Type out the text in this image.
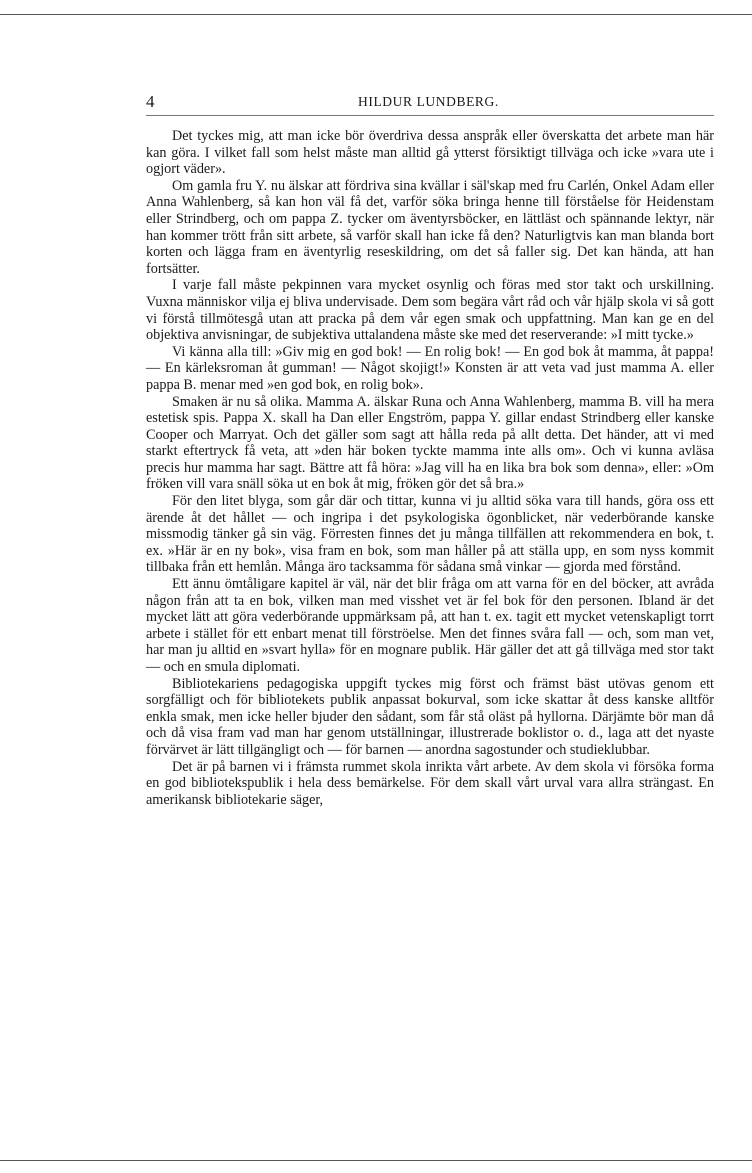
4	HILDUR LUNDBERG.

Det tyckes mig, att man icke bör överdriva dessa anspråk eller överskatta det arbete man här kan göra. I vilket fall som helst måste man alltid gå ytterst försiktigt tillväga och icke »vara ute i ogjort väder».

Om gamla fru Y. nu älskar att fördriva sina kvällar i säl'skap med fru Carlén, Onkel Adam eller Anna Wahlenberg, så kan hon väl få det, varför söka bringa henne till förståelse för Heidenstam eller Strindberg, och om pappa Z. tycker om äventyrsböcker, en lättläst och spännande lektyr, när han kommer trött från sitt arbete, så varför skall han icke få den? Naturligtvis kan man blanda bort korten och lägga fram en äventyrlig reseskildring, om det så faller sig. Det kan hända, att han fortsätter.

I varje fall måste pekpinnen vara mycket osynlig och föras med stor takt och urskillning. Vuxna människor vilja ej bliva undervisade. Dem som begära vårt råd och vår hjälp skola vi så gott vi förstå tillmötesgå utan att pracka på dem vår egen smak och uppfattning. Man kan ge en del objektiva anvisningar, de subjektiva uttalandena måste ske med det reserverande: »I mitt tycke.»

Vi känna alla till: »Giv mig en god bok! — En rolig bok! — En god bok åt mamma, åt pappa! — En kärleksroman åt gumman! — Något skojigt!» Konsten är att veta vad just mamma A. eller pappa B. menar med »en god bok, en rolig bok».

Smaken är nu så olika. Mamma A. älskar Runa och Anna Wahlenberg, mamma B. vill ha mera estetisk spis. Pappa X. skall ha Dan eller Engström, pappa Y. gillar endast Strindberg eller kanske Cooper och Marryat. Och det gäller som sagt att hålla reda på allt detta. Det händer, att vi med starkt eftertryck få veta, att »den här boken tyckte mamma inte alls om». Och vi kunna avläsa precis hur mamma har sagt. Bättre att få höra: »Jag vill ha en lika bra bok som denna», eller: »Om fröken vill vara snäll söka ut en bok åt mig, fröken gör det så bra.»

För den litet blyga, som går där och tittar, kunna vi ju alltid söka vara till hands, göra oss ett ärende åt det hållet — och ingripa i det psykologiska ögonblicket, när vederbörande kanske missmodig tänker gå sin väg. Förresten finnes det ju många tillfällen att rekommendera en bok, t. ex. »Här är en ny bok», visa fram en bok, som man håller på att ställa upp, en som nyss kommit tillbaka från ett hemlån. Många äro tacksamma för sådana små vinkar — gjorda med förstånd.

Ett ännu ömtåligare kapitel är väl, när det blir fråga om att varna för en del böcker, att avråda någon från att ta en bok, vilken man med visshet vet är fel bok för den personen. Ibland är det mycket lätt att göra vederbörande uppmärksam på, att han t. ex. tagit ett mycket vetenskapligt torrt arbete i stället för ett enbart menat till förströelse. Men det finnes svåra fall — och, som man vet, har man ju alltid en »svart hylla» för en mognare publik. Här gäller det att gå tillväga med stor takt — och en smula diplomati.

Bibliotekariens pedagogiska uppgift tyckes mig först och främst bäst utövas genom ett sorgfälligt och för bibliotekets publik anpassat bokurval, som icke skattar åt dess kanske alltför enkla smak, men icke heller bjuder den sådant, som får stå oläst på hyllorna. Därjämte bör man då och då visa fram vad man har genom utställningar, illustrerade boklistor o. d., laga att det nyaste förvärvet är lätt tillgängligt och — för barnen — anordna sagostunder och studieklubbar.

Det är på barnen vi i främsta rummet skola inrikta vårt arbete. Av dem skola vi försöka forma en god bibliotekspublik i hela dess bemärkelse. För dem skall vårt urval vara allra strängast. En amerikansk bibliotekarie säger,
